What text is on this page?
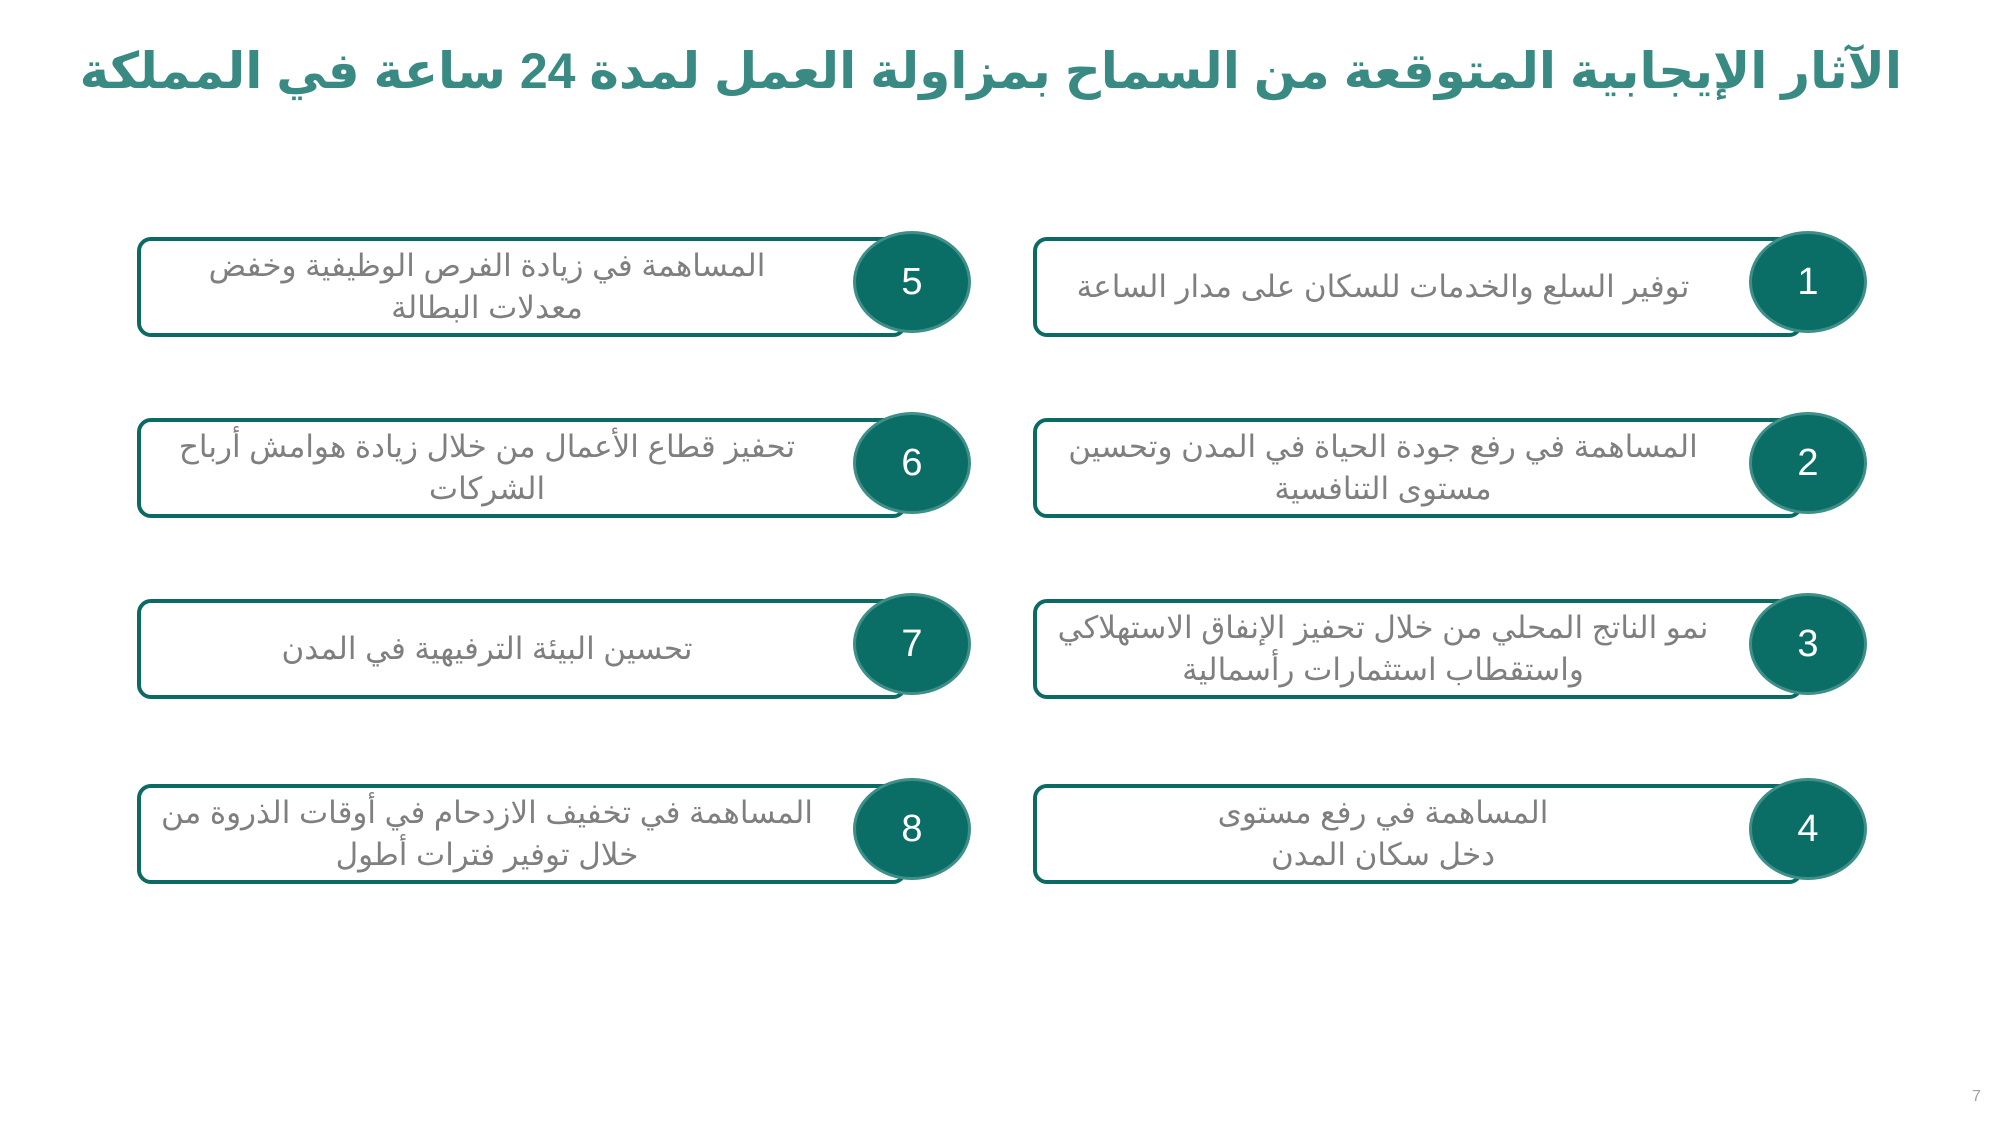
الآثار الإيجابية المتوقعة من السماح بمزاولة العمل لمدة 24 ساعة في المملكة
توفير السلع والخدمات للسكان على مدار الساعة	1
المساهمة في رفع جودة الحياة في المدن وتحسين مستوى التنافسية
2
نمو الناتج المحلي من خلال تحفيز الإنفاق الاستهلاكي واستقطاب استثمارات رأسمالية
3
المساهمة في رفع مستوى دخل سكان المدن
4
المساهمة في زيادة الفرص الوظيفية وخفض معدلات البطالة
5
تحفيز قطاع الأعمال من خلال زيادة هوامش أرباح الشركات
6
تحسين البيئة الترفيهية في المدن	7
المساهمة في تخفيف الازدحام في أوقات الذروة من خلال توفير فترات أطول
8
7
